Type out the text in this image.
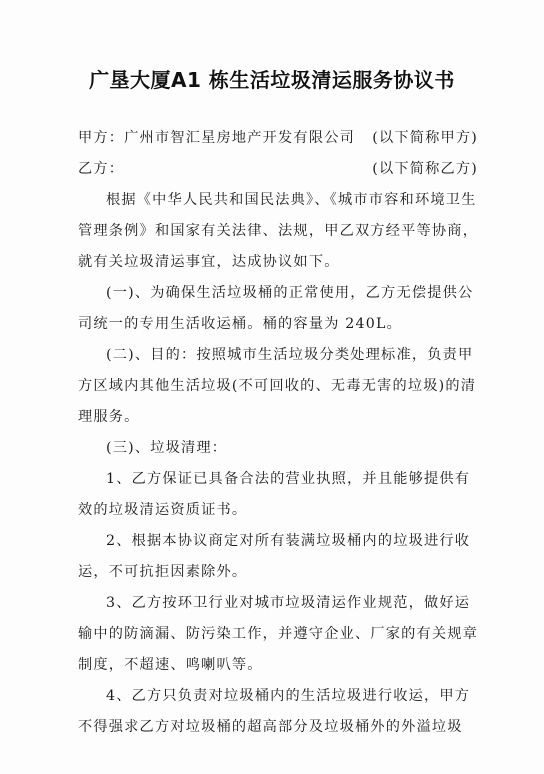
广垦大厦A1 栋生活垃圾清运服务协议书
甲方：广州市智汇星房地产开发有限公司 (以下简称甲方)
乙方：	(以下简称乙方)
根据《中华人民共和国民法典》、《城市市容和环境卫生
管理条例》和国家有关法律、法规，甲乙双方经平等协商，
就有关垃圾清运事宜，达成协议如下。
(一)、为确保生活垃圾桶的正常使用，乙方无偿提供公
司统一的专用生活收运桶。桶的容量为 240L。
(二)、目的：按照城市生活垃圾分类处理标准，负责甲
方区域内其他生活垃圾(不可回收的、无毒无害的垃圾)的清
理服务。
(三)、垃圾清理：
1、乙方保证已具备合法的营业执照，并且能够提供有
效的垃圾清运资质证书。
2、根据本协议商定对所有装满垃圾桶内的垃圾进行收
运，不可抗拒因素除外。
3、乙方按环卫行业对城市垃圾清运作业规范，做好运
输中的防滴漏、防污染工作，并遵守企业、厂家的有关规章
制度，不超速、鸣喇叭等。
4、乙方只负责对垃圾桶内的生活垃圾进行收运，甲方
不得强求乙方对垃圾桶的超高部分及垃圾桶外的外溢垃圾
